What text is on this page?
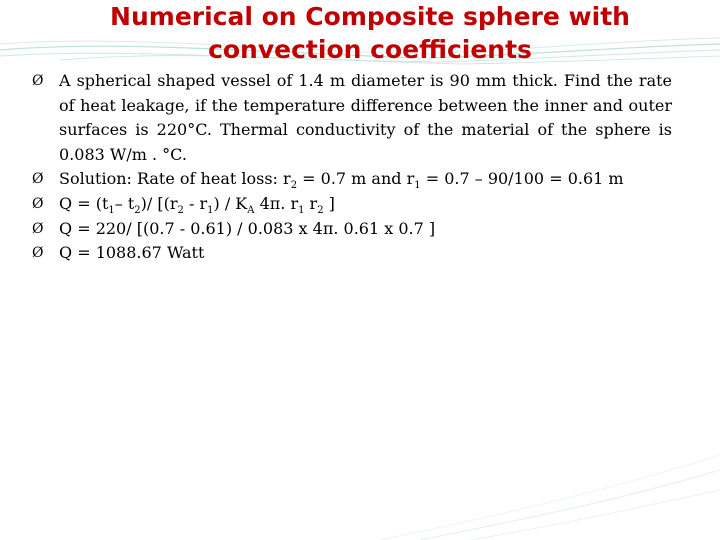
Numerical on Composite sphere with convection coefficients
Ø A spherical shaped vessel of 1.4 m diameter is 90 mm thick. Find the rate of heat leakage, if the temperature difference between the inner and outer surfaces is 220°C. Thermal conductivity of the material of the sphere is 0.083 W/m . °C.
Ø Solution: Rate of heat loss: $r_2 = 0.7$ m and $r_1 = 0.7 - 90/100 = 0.61$ m
Ø $Q = (t_1-$ $t_2)/$ [$(r_2 - r_1) / K_A$ 4π. $r_1$ $r_2$ ]
Ø Q = 220/ [(0.7 - 0.61) / 0.083 x 4π. 0.61 x 0.7 ]
Ø Q = 1088.67 Watt
